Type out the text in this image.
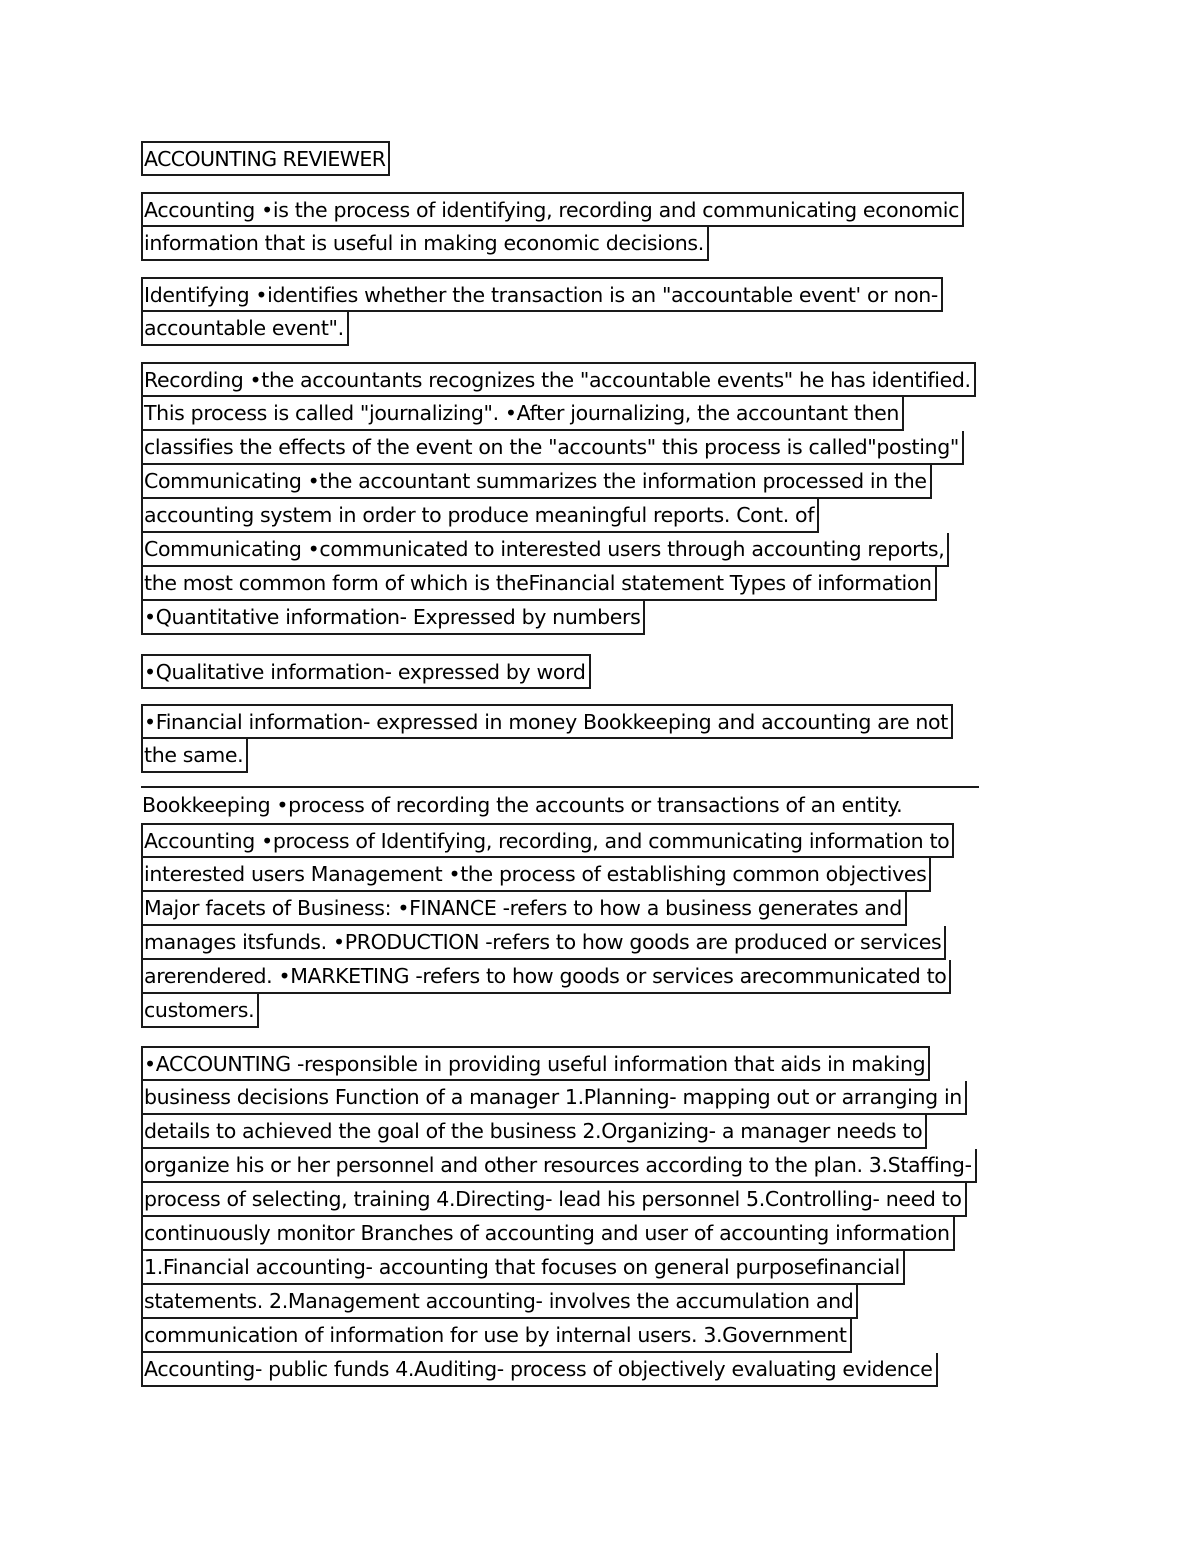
ACCOUNTING REVIEWER
Accounting •is the process of identifying, recording and communicating economic
information that is useful in making economic decisions.
Identifying •identifies whether the transaction is an "accountable event' or non-
accountable event".
Recording •the accountants recognizes the "accountable events" he has identified.
This process is called "journalizing". •After journalizing, the accountant then
classifies the effects of the event on the "accounts" this process is called"posting"
Communicating •the accountant summarizes the information processed in the
accounting system in order to produce meaningful reports. Cont. of
Communicating •communicated to interested users through accounting reports,
the most common form of which is theFinancial statement Types of information
•Quantitative information- Expressed by numbers
•Qualitative information- expressed by word
•Financial information- expressed in money Bookkeeping and accounting are not
the same.
Bookkeeping •process of recording the accounts or transactions of an entity.
Accounting •process of Identifying, recording, and communicating information to
interested users Management •the process of establishing common objectives
Major facets of Business: •FINANCE -refers to how a business generates and
manages itsfunds. •PRODUCTION -refers to how goods are produced or services
arerendered. •MARKETING -refers to how goods or services arecommunicated to
customers.
•ACCOUNTING -responsible in providing useful information that aids in making
business decisions Function of a manager 1.Planning- mapping out or arranging in
details to achieved the goal of the business 2.Organizing- a manager needs to
organize his or her personnel and other resources according to the plan. 3.Staffing-
process of selecting, training 4.Directing- lead his personnel 5.Controlling- need to
continuously monitor Branches of accounting and user of accounting information
1.Financial accounting- accounting that focuses on general purposefinancial
statements. 2.Management accounting- involves the accumulation and
communication of information for use by internal users. 3.Government
Accounting- public funds 4.Auditing- process of objectively evaluating evidence
